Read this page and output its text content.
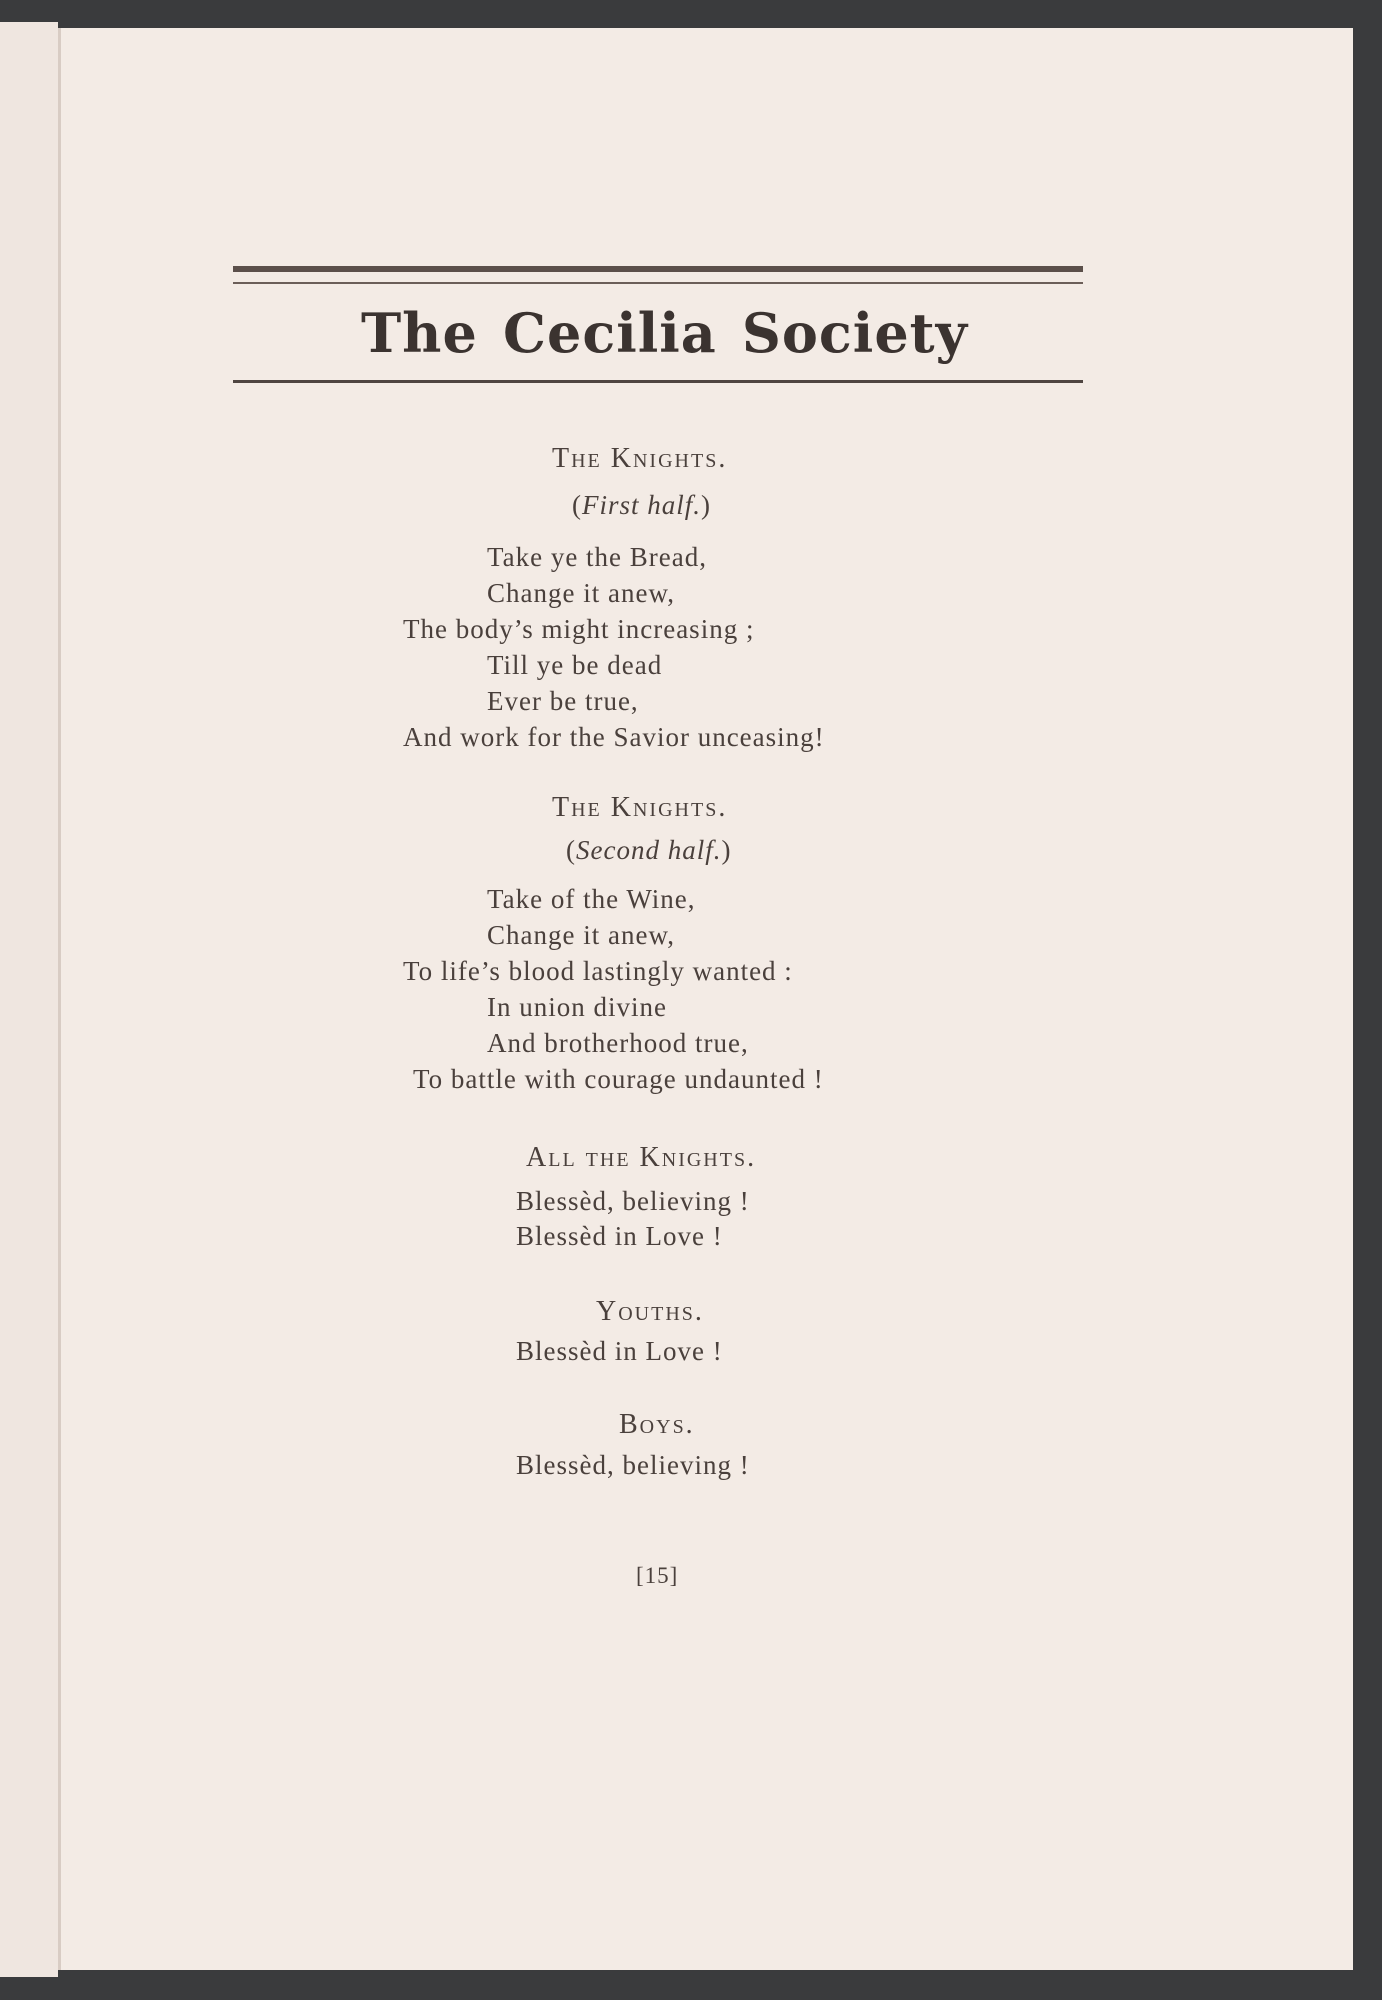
The Cecilia Society
The Knights.
(First half.)
Take ye the Bread,
Change it anew,
The body’s might increasing ;
Till ye be dead
Ever be true,
And work for the Savior unceasing!
The Knights.
(Second half.)
Take of the Wine,
Change it anew,
To life’s blood lastingly wanted :
In union divine
And brotherhood true,
To battle with courage undaunted !
All the Knights.
Blessèd, believing !
Blessèd in Love !
Youths.
Blessèd in Love !
Boys.
Blessèd, believing !
[15]
